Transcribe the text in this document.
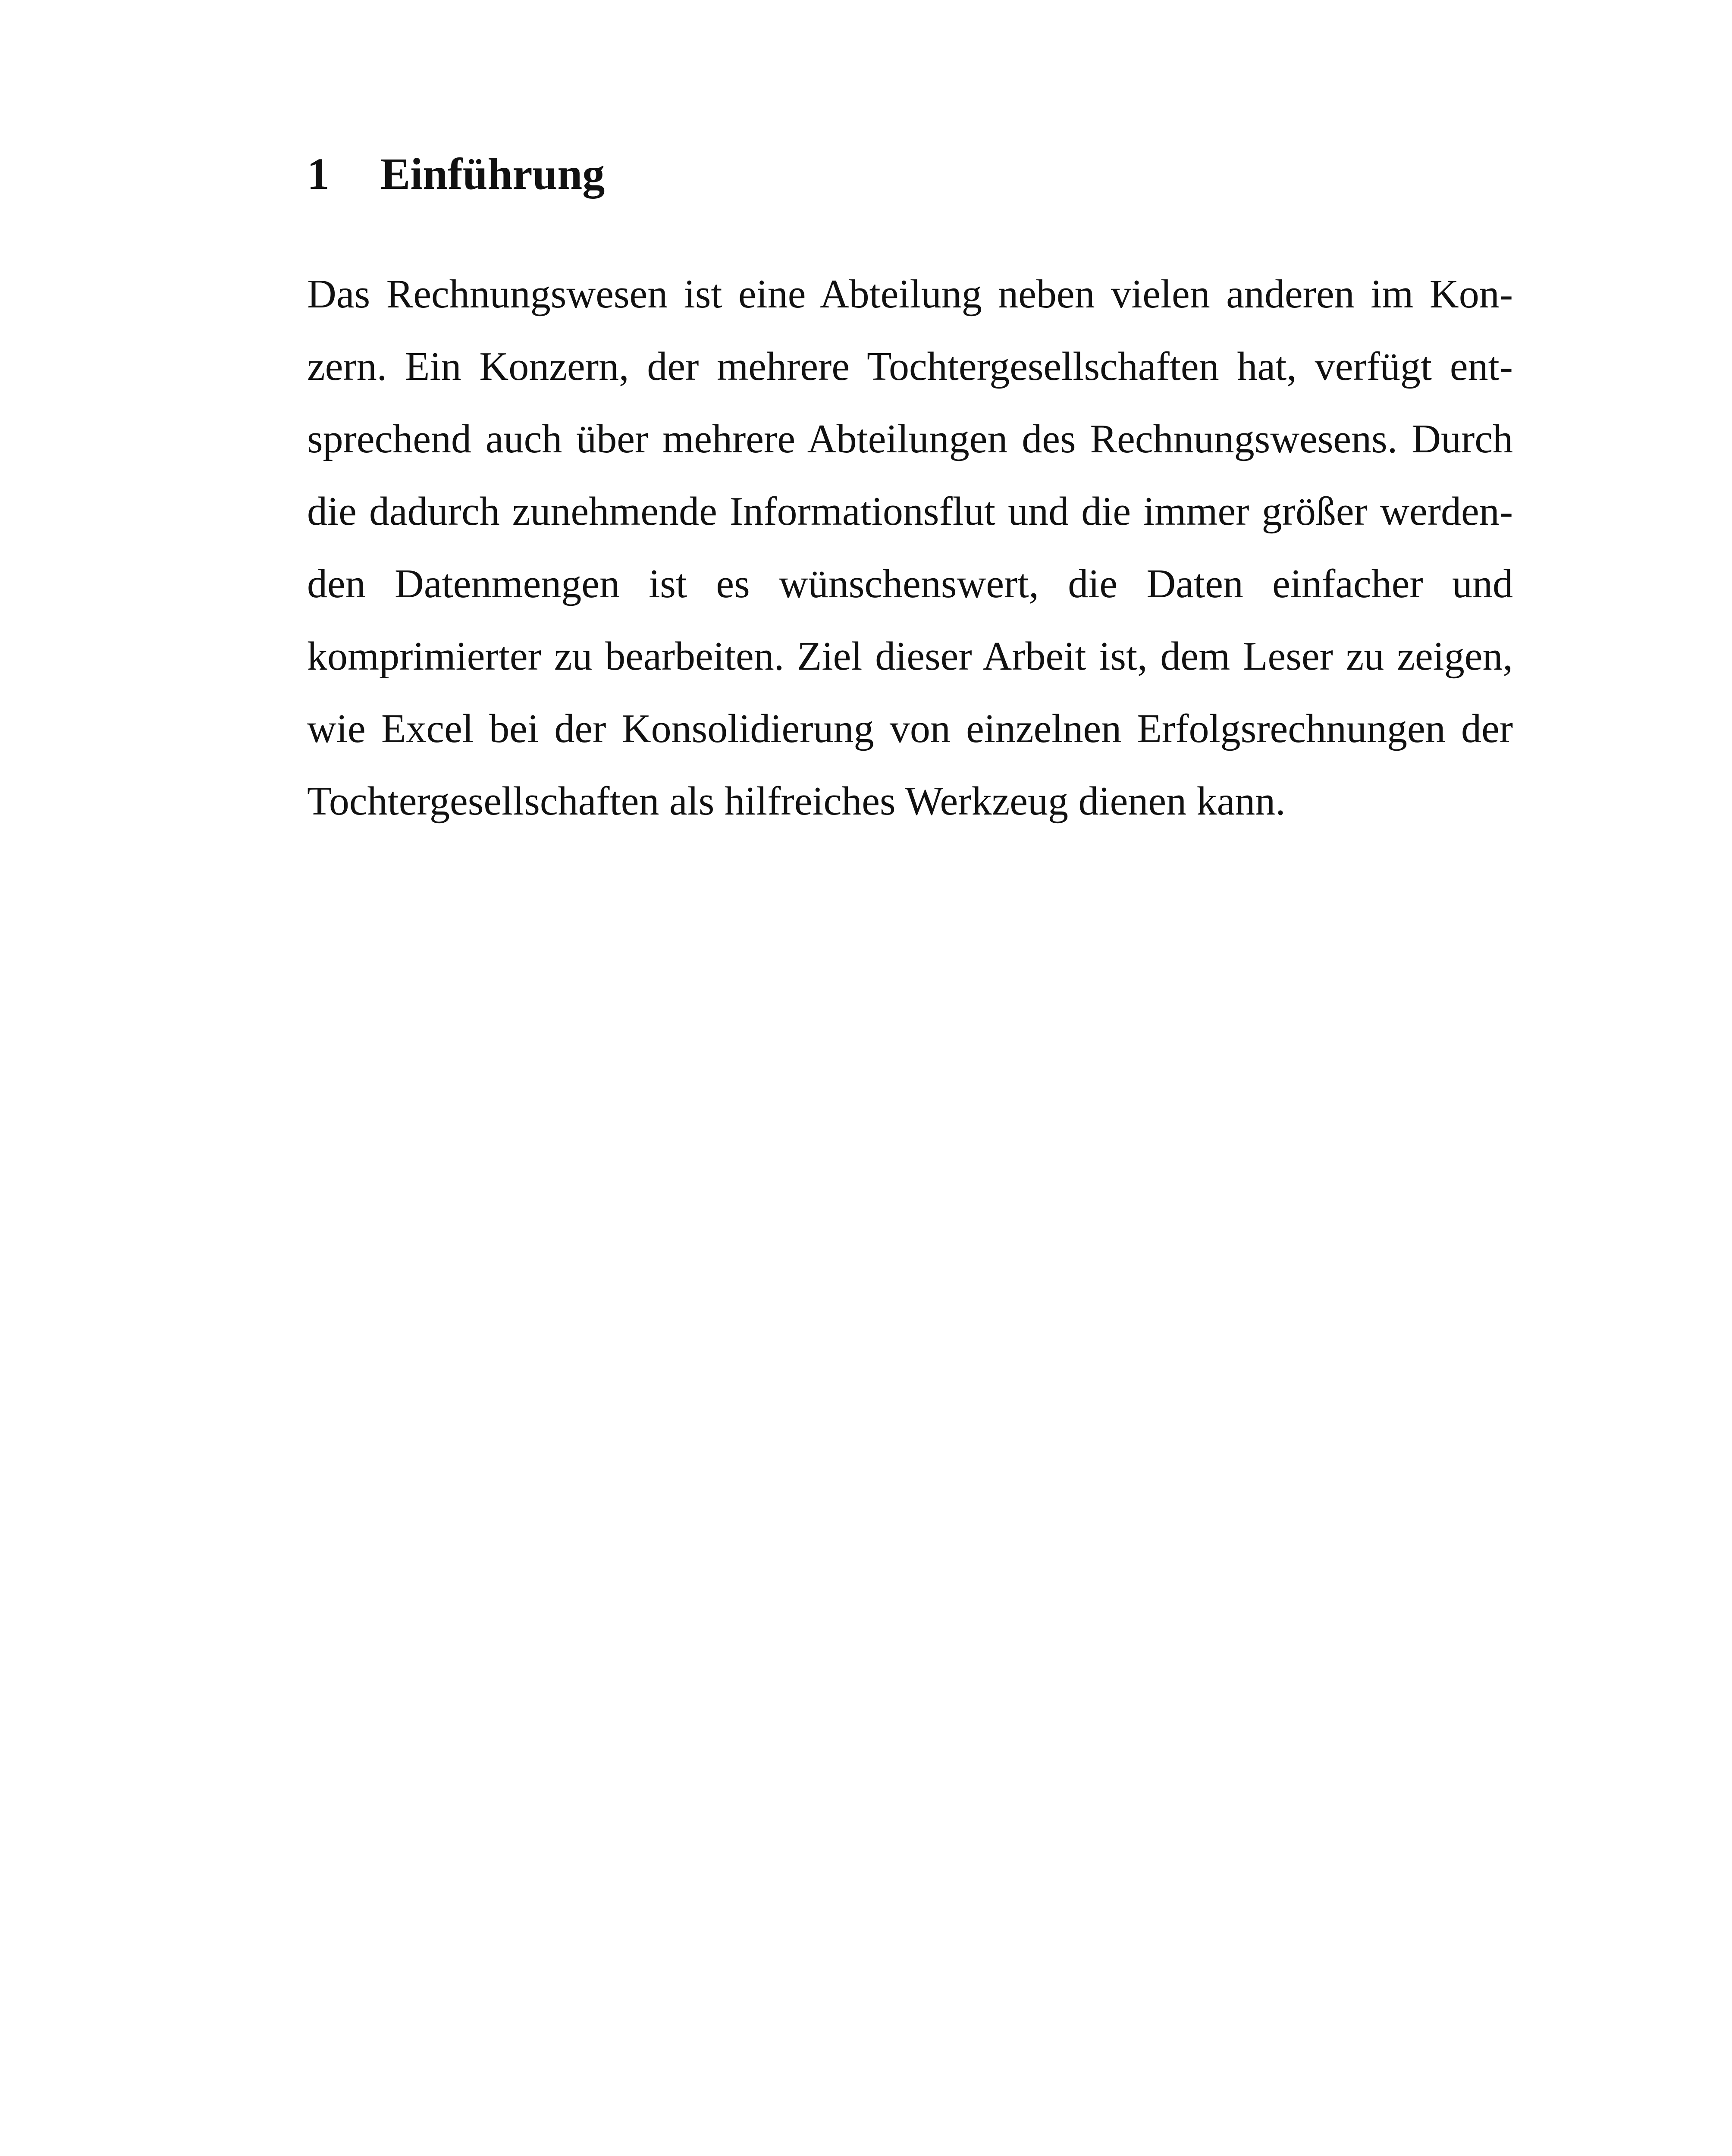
1 Einführung

Das Rechnungswesen ist eine Abteilung neben vielen anderen im Kon-
zern. Ein Konzern, der mehrere Tochtergesellschaften hat, verfügt ent-
sprechend auch über mehrere Abteilungen des Rechnungswesens. Durch
die dadurch zunehmende Informationsflut und die immer größer werden-
den Datenmengen ist es wünschenswert, die Daten einfacher und
komprimierter zu bearbeiten. Ziel dieser Arbeit ist, dem Leser zu zeigen,
wie Excel bei der Konsolidierung von einzelnen Erfolgsrechnungen der
Tochtergesellschaften als hilfreiches Werkzeug dienen kann.
